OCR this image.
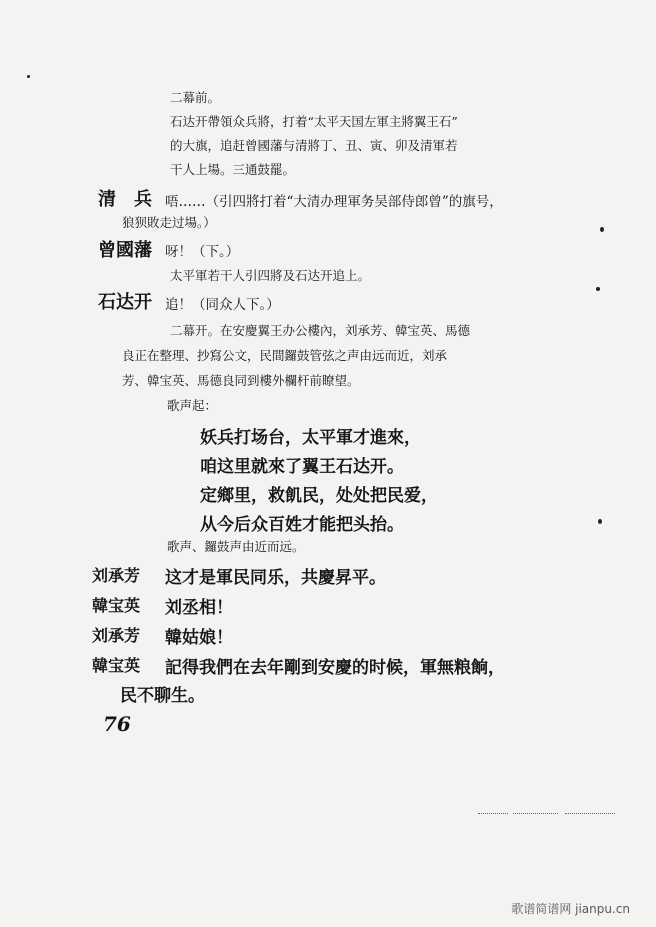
二幕前。
石达开帶領众兵將，打着“太平天国左軍主將翼王石”
的大旗，追赶曾國藩与清將丁、丑、寅、卯及清軍若
干人上場。三通鼓罷。
清　兵 唔……（引四將打着“大清办理軍务吴部侍郎曾”的旗号，
狼狈敗走过場。）
曾國藩 呀！（下。）
太平軍若干人引四將及石达开追上。
石达开 追！（同众人下。）
二幕开。在安慶翼王办公樓內，刘承芳、韓宝英、馬德
良正在整理、抄寫公文，民間鑼鼓管弦之声由远而近，刘承
芳、韓宝英、馬德良同到樓外欄杆前瞭望。
歌声起：
妖兵打场台，太平軍才進來，
咱这里就來了翼王石达开。
定鄉里，救飢民，处处把民爱，
从今后众百姓才能把头抬。
歌声、鑼鼓声由近而远。
刘承芳 这才是軍民同乐，共慶昇平。
韓宝英 刘丞相！
刘承芳 韓姑娘！
韓宝英 記得我們在去年剛到安慶的时候，軍無粮餉，
民不聊生。
76
歌谱简谱网 jianpu.cn
